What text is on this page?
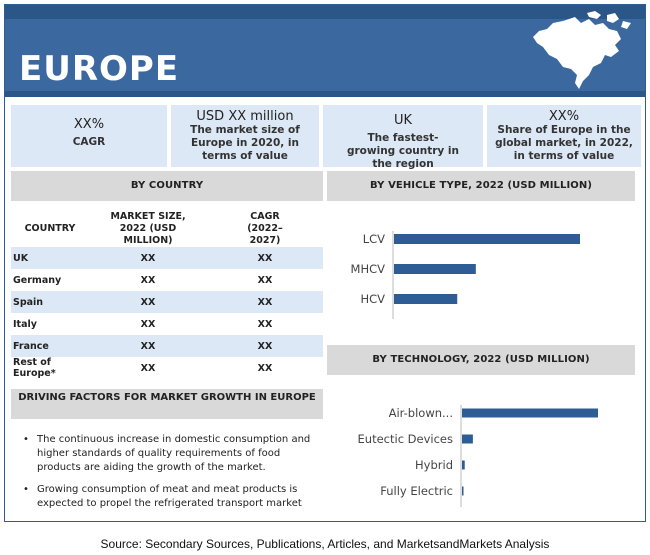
EUROPE
XX%
CAGR
USD XX million
The market size of Europe in 2020, in terms of value
UK
The fastest-growing country in the region
XX%
Share of Europe in the global market, in 2022, in terms of value
BY COUNTRY	BY VEHICLE TYPE, 2022 (USD MILLION)
BY TECHNOLOGY, 2022 (USD MILLION)
COUNTRY	MARKET SIZE, 2022 (USD MILLION)	CAGR (2022–2027)
UK	XX	XX
Germany	XX	XX
Spain	XX	XX
Italy	XX	XX
France	XX	XX
Rest of Europe*	XX	XX
DRIVING FACTORS FOR MARKET GROWTH IN EUROPE
• The continuous increase in domestic consumption and higher standards of quality requirements of food products are aiding the growth of the market.
• Growing consumption of meat and meat products is expected to propel the refrigerated transport market
LCV
MHCV
HCV
Air-blown...
Eutectic Devices
Hybrid
Fully Electric
Source: Secondary Sources, Publications, Articles, and MarketsandMarkets Analysis
